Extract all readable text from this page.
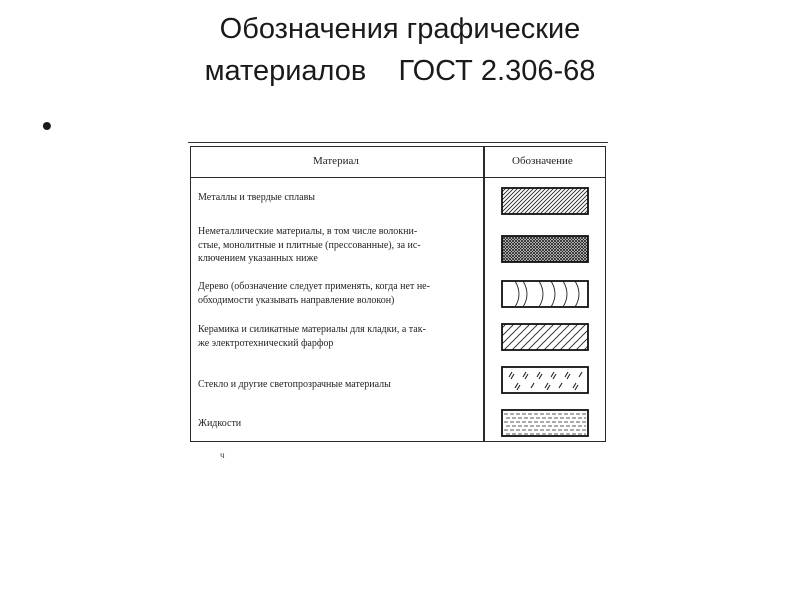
Обозначения графические
материалов    ГОСТ 2.306-68
•
Материал	Обозначение
Металлы и твердые сплавы
Неметаллические материалы, в том числе волокни-
стые, монолитные и плитные (прессованные), за ис-
ключением указанных ниже
Дерево (обозначение следует применять, когда нет не-
обходимости указывать направление волокон)
Керамика и силикатные материалы для кладки, а так-
же электротехнический фарфор
Стекло и другие светопрозрачные материалы
Жидкости
ч
